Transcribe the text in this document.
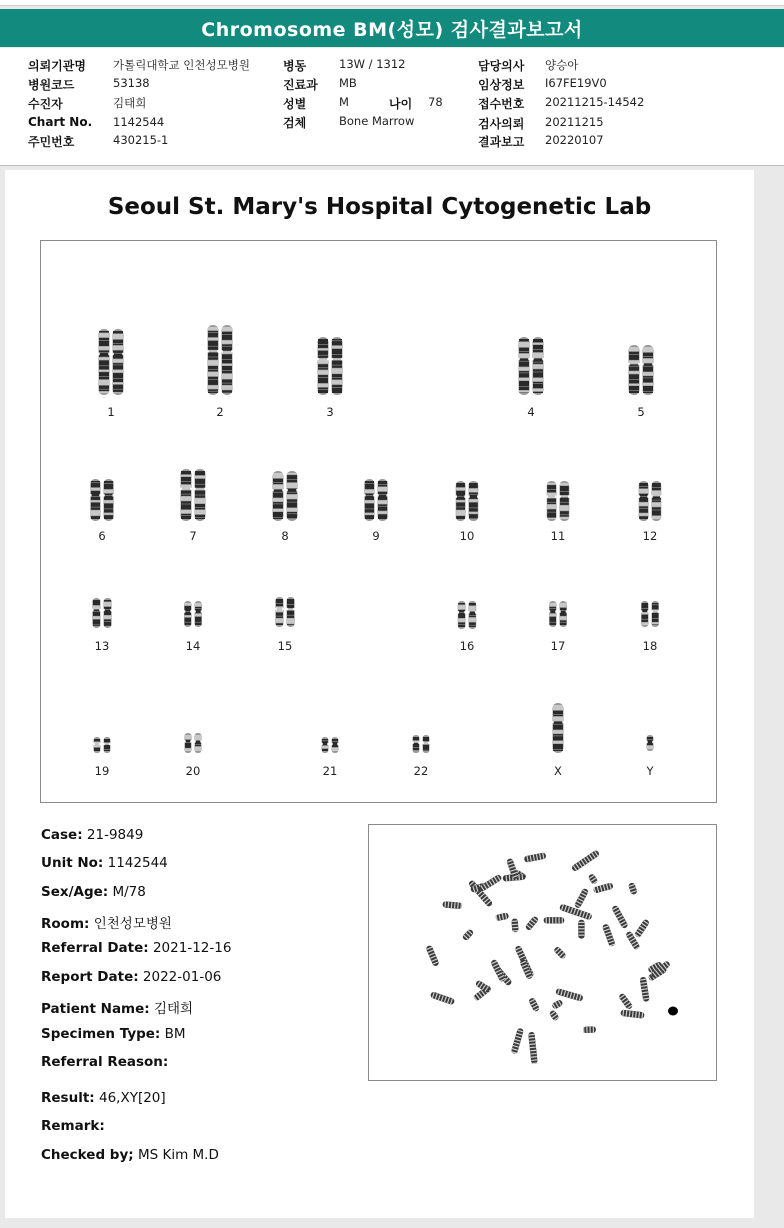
Chromosome BM(성모) 검사결과보고서
의뢰기관명 가톨릭대학교 인천성모병원
병원코드	53138
수진자	김태희
Chart No. 1142544
주민번호	430215-1
병동	13W / 1312
진료과 MB
성별	M	나이 78
검체	Bone Marrow
담당의사 양승아
임상정보 I67FE19V0
접수번호 20211215-14542
검사의뢰 20211215
결과보고 20220107
Seoul St. Mary's Hospital Cytogenetic Lab
1	2	3	4	5
6	7	8	9	10	11	12
13	14	15	16	17	18
19	20	21	22	X	Y
Case: 21-9849
Unit No: 1142544
Sex/Age: M/78
Room: 인천성모병원
Referral Date: 2021-12-16
Report Date: 2022-01-06
Patient Name: 김태희
Specimen Type: BM
Referral Reason:
Result: 46,XY[20]
Remark:
Checked by; MS Kim M.D
